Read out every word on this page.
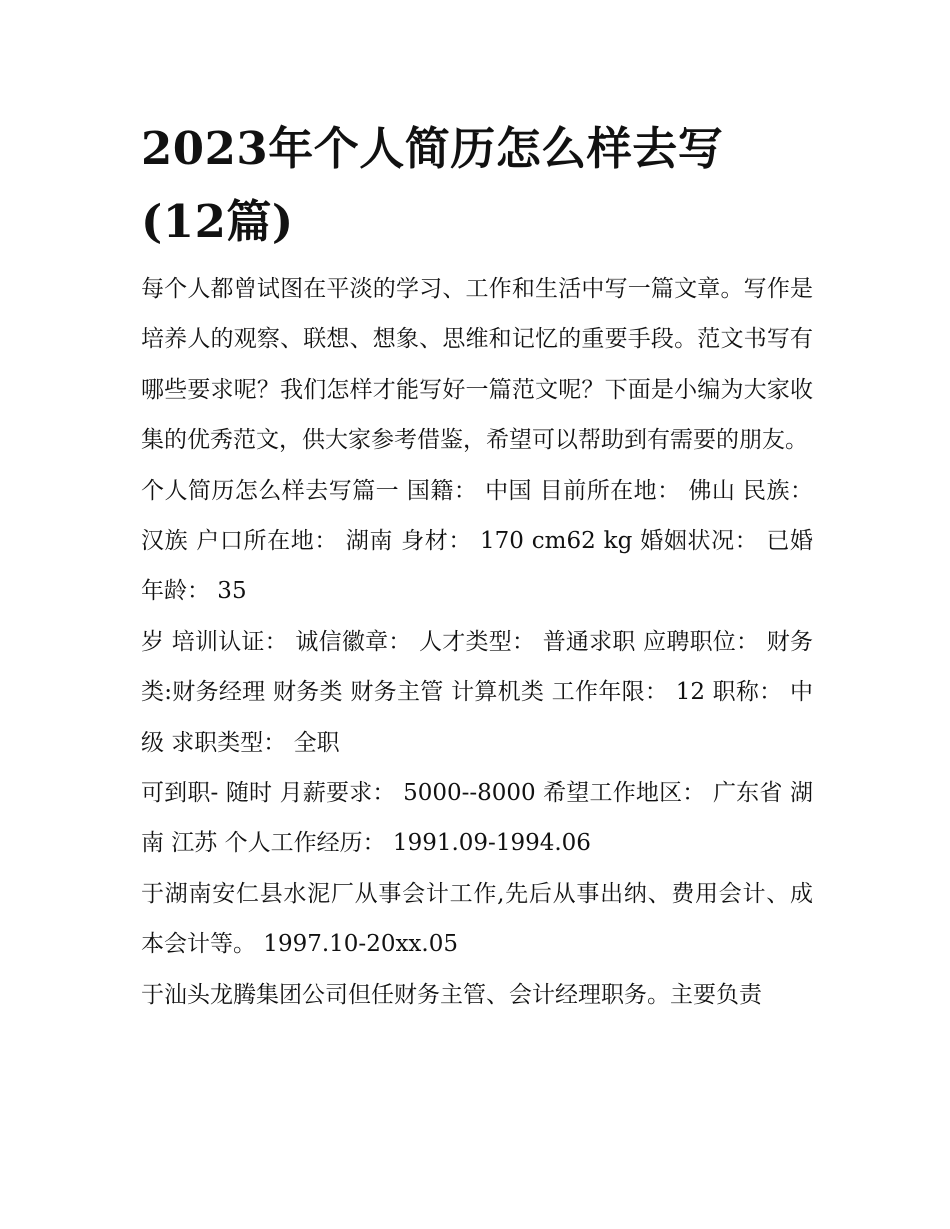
2023年个人简历怎么样去写
(12篇)

每个人都曾试图在平淡的学习、工作和生活中写一篇文章。写作是培养人的观察、联想、想象、思维和记忆的重要手段。范文书写有哪些要求呢？我们怎样才能写好一篇范文呢？下面是小编为大家收集的优秀范文，供大家参考借鉴，希望可以帮助到有需要的朋友。

个人简历怎么样去写篇一 国籍： 中国 目前所在地： 佛山 民族： 汉族 户口所在地： 湖南 身材： 170 cm62 kg 婚姻状况： 已婚 年龄： 35

岁 培训认证： 诚信徽章： 人才类型： 普通求职 应聘职位： 财务类:财务经理 财务类 财务主管 计算机类 工作年限： 12 职称： 中级 求职类型： 全职

可到职- 随时 月薪要求： 5000--8000 希望工作地区： 广东省 湖南 江苏 个人工作经历： 1991.09-1994.06

于湖南安仁县水泥厂从事会计工作,先后从事出纳、费用会计、成本会计等。 1997.10-20xx.05

于汕头龙腾集团公司但任财务主管、会计经理职务。主要负责
